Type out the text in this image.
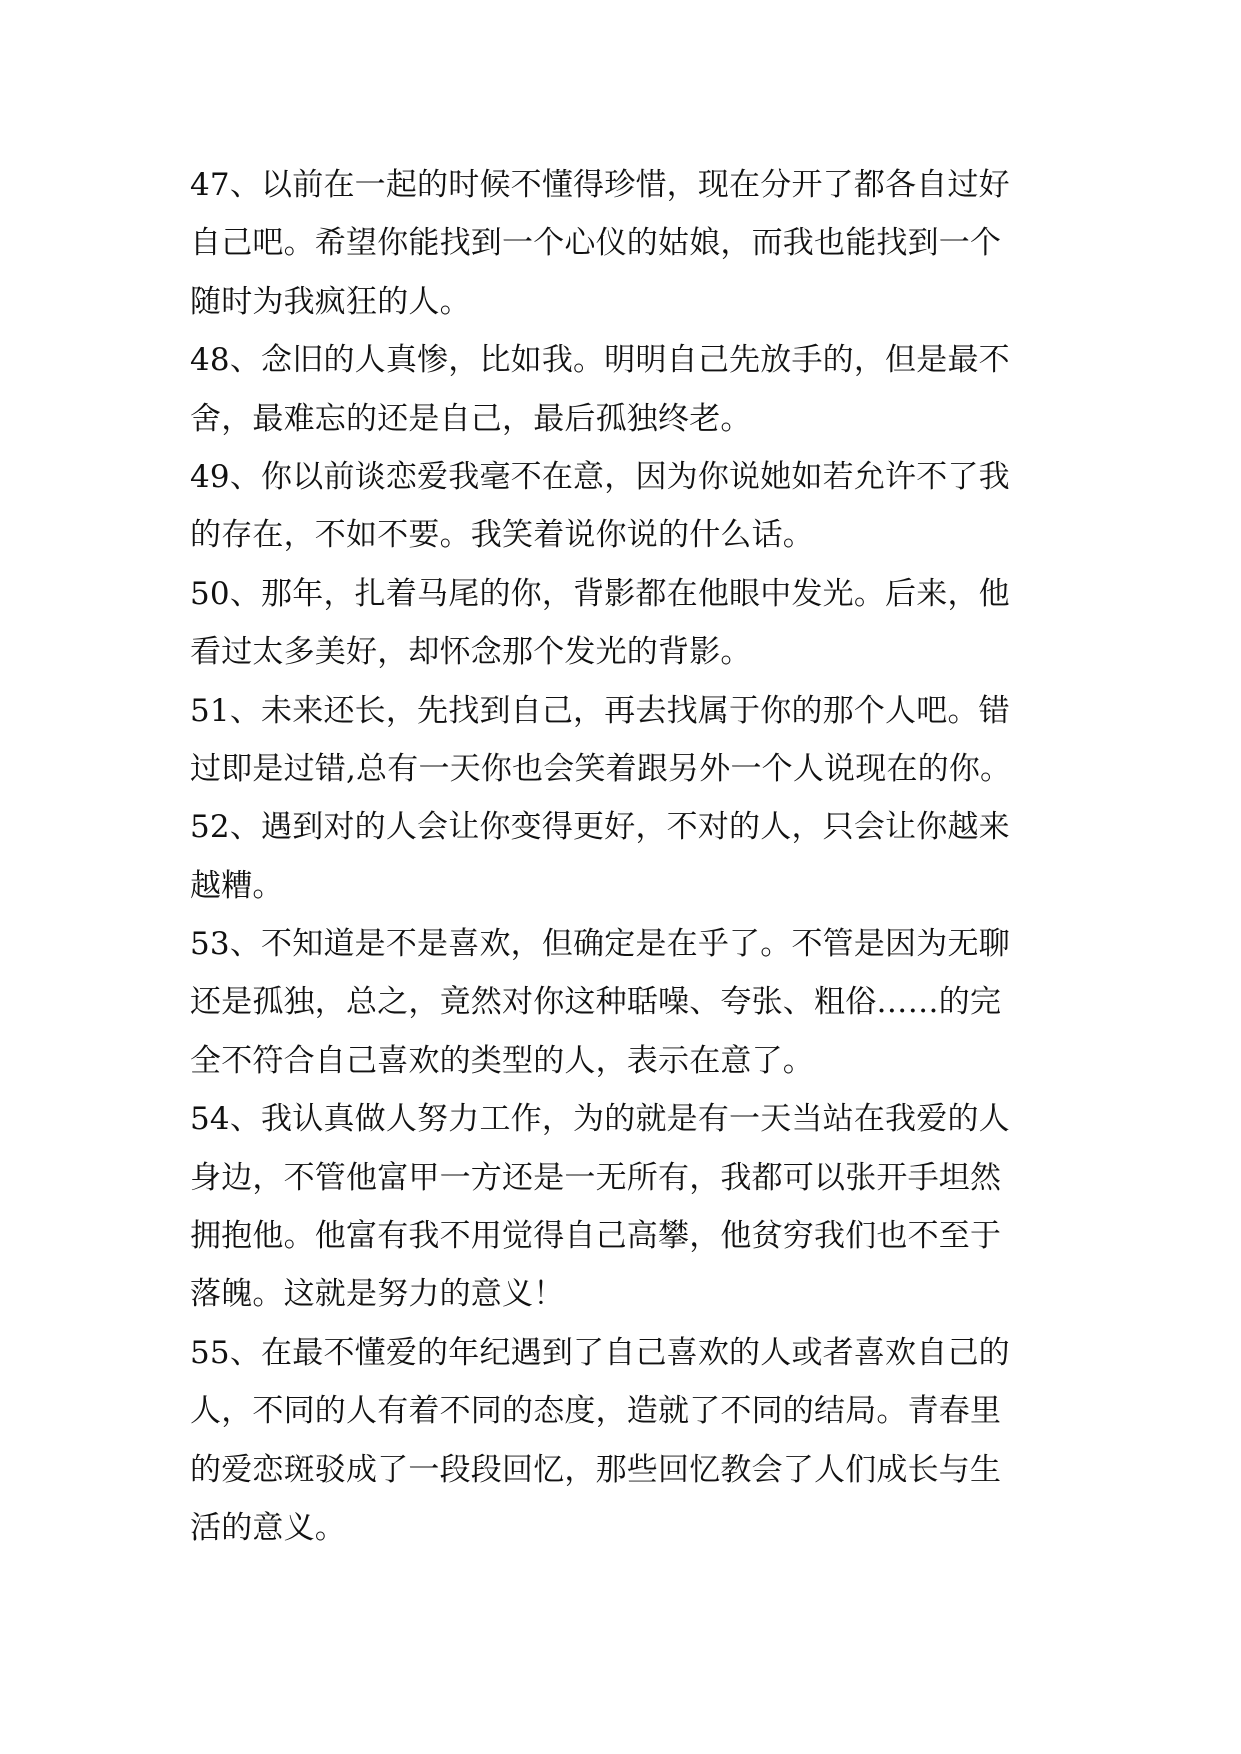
47、以前在一起的时候不懂得珍惜，现在分开了都各自过好
自己吧。希望你能找到一个心仪的姑娘，而我也能找到一个
随时为我疯狂的人。
48、念旧的人真惨，比如我。明明自己先放手的，但是最不
舍，最难忘的还是自己，最后孤独终老。
49、你以前谈恋爱我毫不在意，因为你说她如若允许不了我
的存在，不如不要。我笑着说你说的什么话。
50、那年，扎着马尾的你，背影都在他眼中发光。后来，他
看过太多美好，却怀念那个发光的背影。
51、未来还长，先找到自己，再去找属于你的那个人吧。错
过即是过错,总有一天你也会笑着跟另外一个人说现在的你。
52、遇到对的人会让你变得更好，不对的人，只会让你越来
越糟。
53、不知道是不是喜欢，但确定是在乎了。不管是因为无聊
还是孤独，总之，竟然对你这种聒噪、夸张、粗俗……的完
全不符合自己喜欢的类型的人，表示在意了。
54、我认真做人努力工作，为的就是有一天当站在我爱的人
身边，不管他富甲一方还是一无所有，我都可以张开手坦然
拥抱他。他富有我不用觉得自己高攀，他贫穷我们也不至于
落魄。这就是努力的意义！
55、在最不懂爱的年纪遇到了自己喜欢的人或者喜欢自己的
人，不同的人有着不同的态度，造就了不同的结局。青春里
的爱恋斑驳成了一段段回忆，那些回忆教会了人们成长与生
活的意义。
